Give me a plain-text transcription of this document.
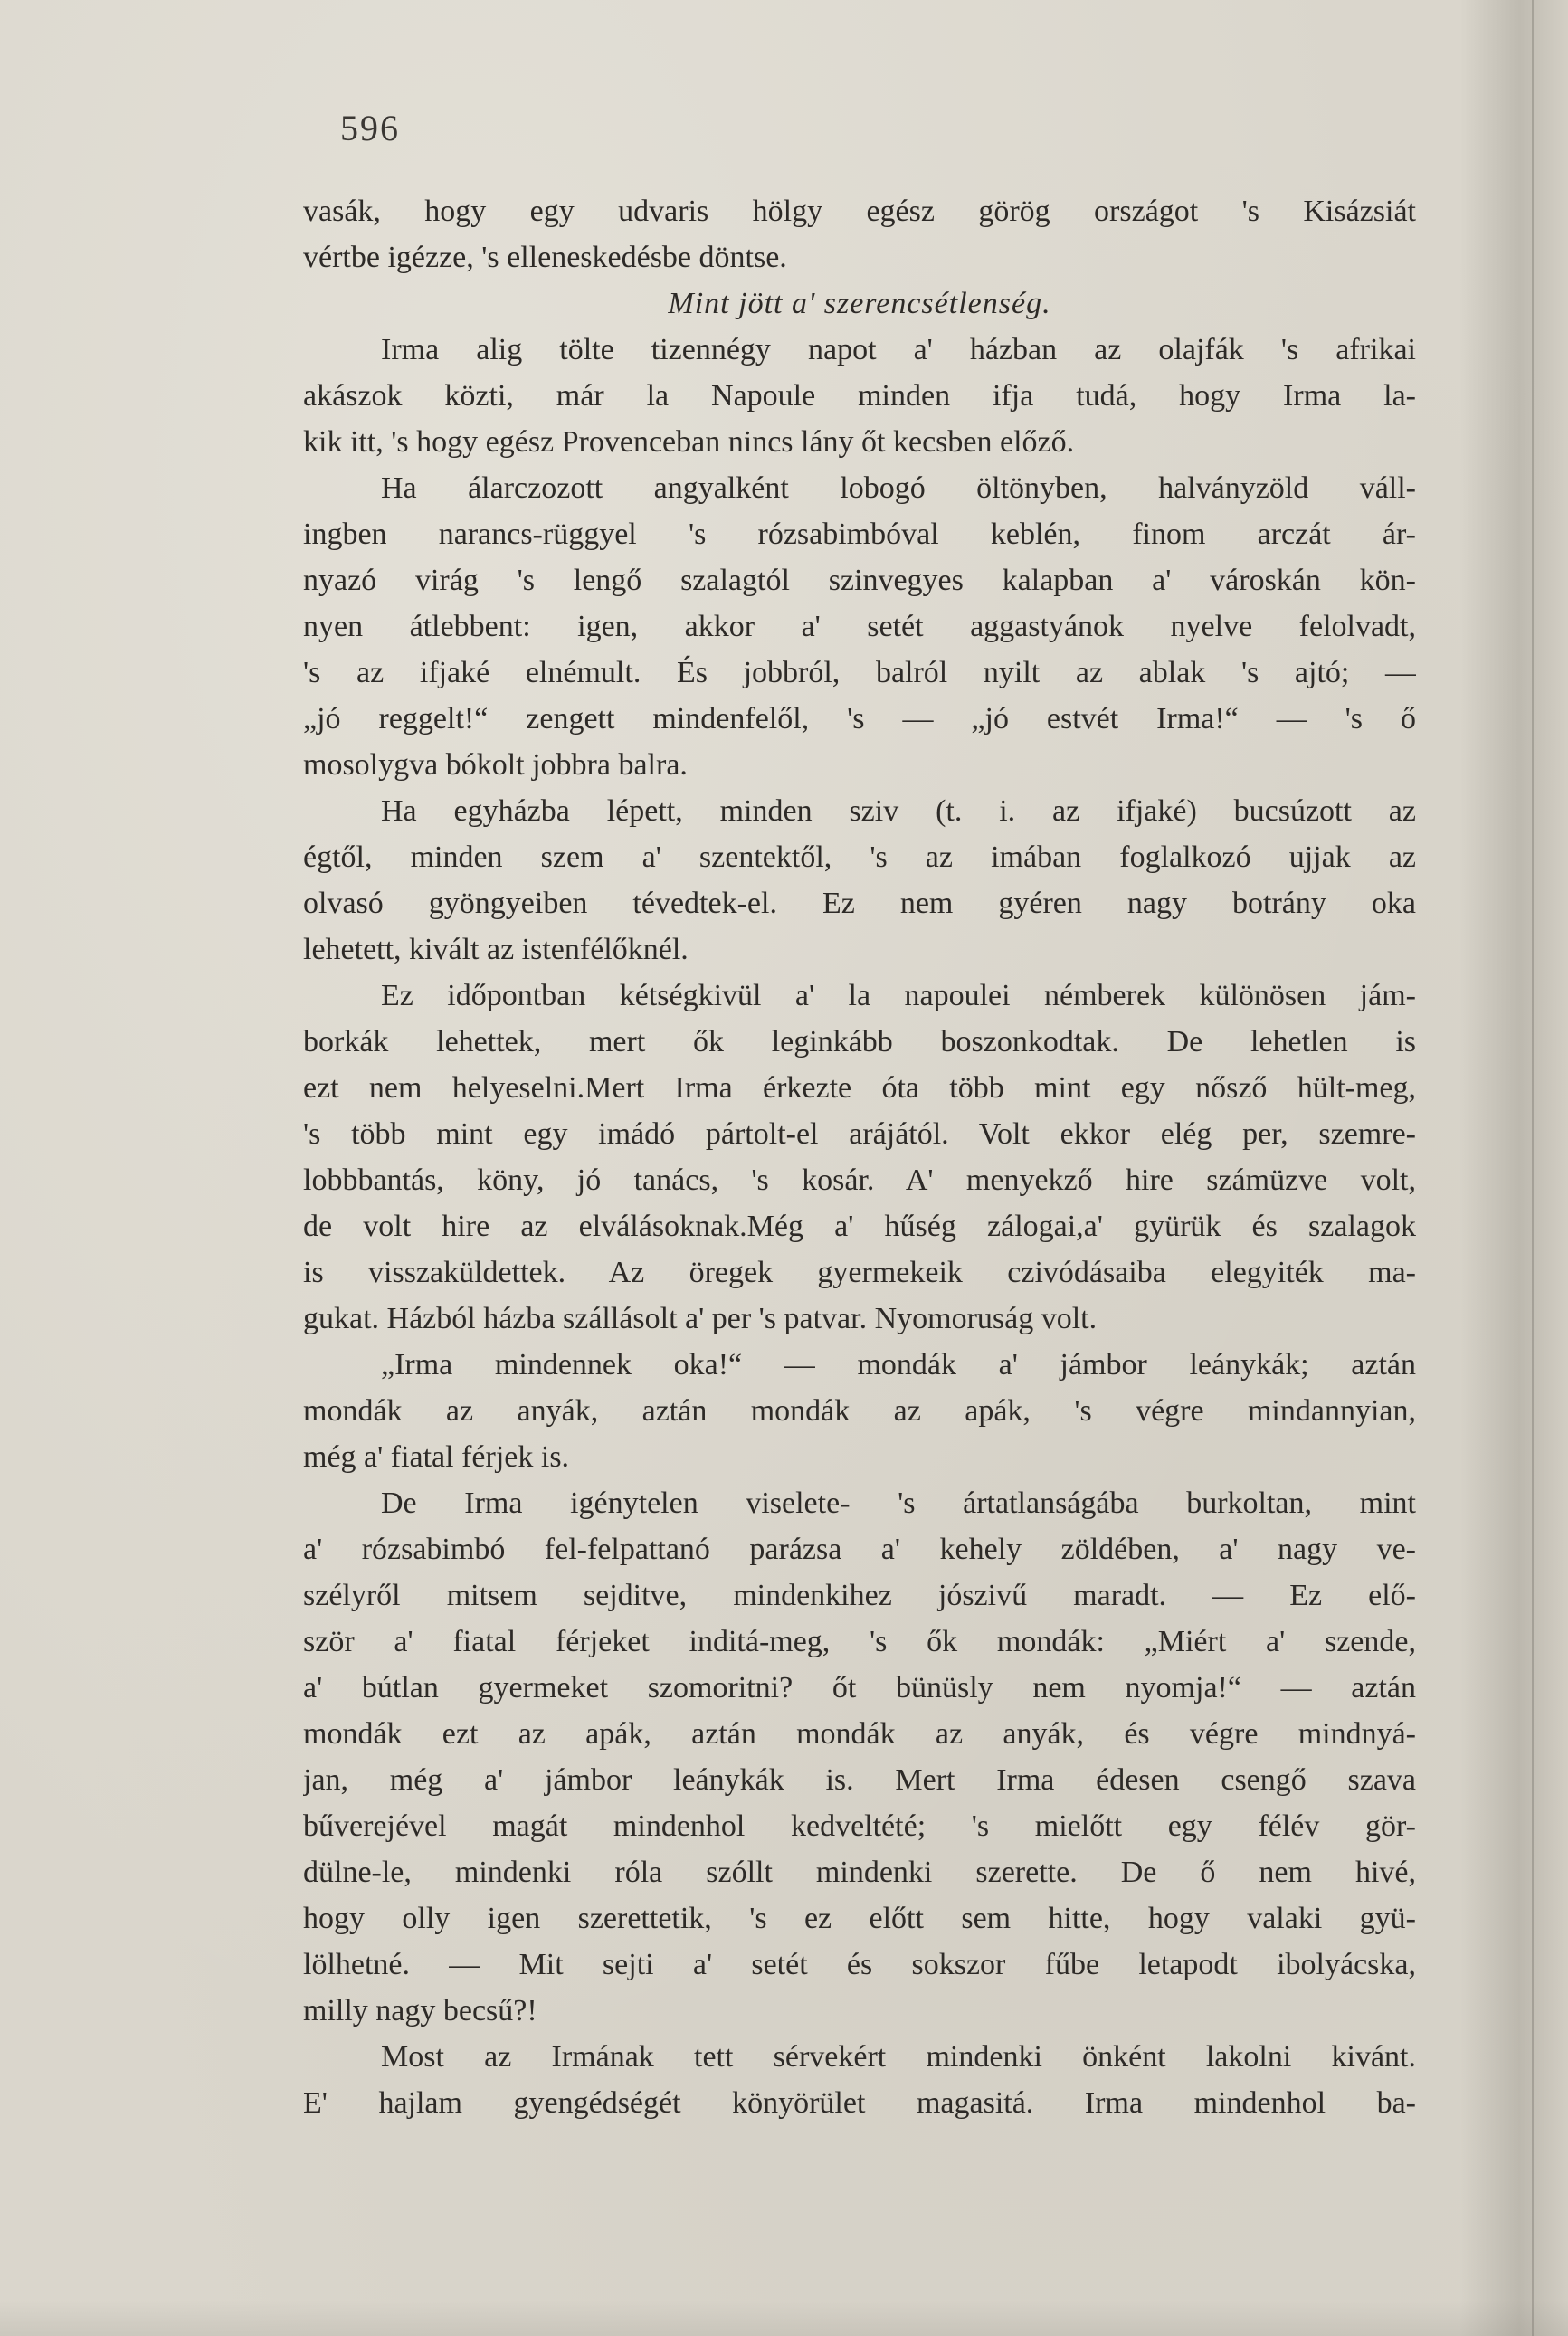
596
vasák, hogy egy udvaris hölgy egész görög országot 's Kisázsiát
vértbe igézze, 's elleneskedésbe döntse.
Mint jött a' szerencsétlenség.
Irma alig tölte tizennégy napot a' házban az olajfák 's afrikai
akászok közti, már la Napoule minden ifja tudá, hogy Irma la-
kik itt, 's hogy egész Provenceban nincs lány őt kecsben előző.
Ha álarczozott angyalként lobogó öltönyben, halványzöld váll-
ingben narancs-rüggyel 's rózsabimbóval keblén, finom arczát ár-
nyazó virág 's lengő szalagtól szinvegyes kalapban a' városkán kön-
nyen átlebbent: igen, akkor a' setét aggastyánok nyelve felolvadt,
's az ifjaké elnémult. És jobbról, balról nyilt az ablak 's ajtó; —
„jó reggelt!“ zengett mindenfelől, 's — „jó estvét Irma!“ — 's ő
mosolygva bókolt jobbra balra.
Ha egyházba lépett, minden sziv (t. i. az ifjaké) bucsúzott az
égtől, minden szem a' szentektől, 's az imában foglalkozó ujjak az
olvasó gyöngyeiben tévedtek-el. Ez nem gyéren nagy botrány oka
lehetett, kivált az istenfélőknél.
Ez időpontban kétségkivül a' la napoulei némberek különösen jám-
borkák lehettek, mert ők leginkább boszonkodtak. De lehetlen is
ezt nem helyeselni.Mert Irma érkezte óta több mint egy nősző hült-meg,
's több mint egy imádó pártolt-el arájától. Volt ekkor elég per, szemre-
lobbbantás, köny, jó tanács, 's kosár. A' menyekző hire számüzve volt,
de volt hire az elválásoknak.Még a' hűség zálogai,a' gyürük és szalagok
is visszaküldettek. Az öregek gyermekeik czivódásaiba elegyiték ma-
gukat. Házból házba szállásolt a' per 's patvar. Nyomoruság volt.
„Irma mindennek oka!“ — mondák a' jámbor leánykák; aztán
mondák az anyák, aztán mondák az apák, 's végre mindannyian,
még a' fiatal férjek is.
De Irma igénytelen viselete- 's ártatlanságába burkoltan, mint
a' rózsabimbó fel-felpattanó parázsa a' kehely zöldében, a' nagy ve-
szélyről mitsem sejditve, mindenkihez jószivű maradt. — Ez elő-
ször a' fiatal férjeket inditá-meg, 's ők mondák: „Miért a' szende,
a' bútlan gyermeket szomoritni? őt bünüsly nem nyomja!“ — aztán
mondák ezt az apák, aztán mondák az anyák, és végre mindnyá-
jan, még a' jámbor leánykák is. Mert Irma édesen csengő szava
bűverejével magát mindenhol kedveltété; 's mielőtt egy félév gör-
dülne-le, mindenki róla szóllt mindenki szerette. De ő nem hivé,
hogy olly igen szerettetik, 's ez előtt sem hitte, hogy valaki gyü-
lölhetné. — Mit sejti a' setét és sokszor fűbe letapodt ibolyácska,
milly nagy becsű?!
Most az Irmának tett sérvekért mindenki önként lakolni kivánt.
E' hajlam gyengédségét könyörület magasitá. Irma mindenhol ba-
